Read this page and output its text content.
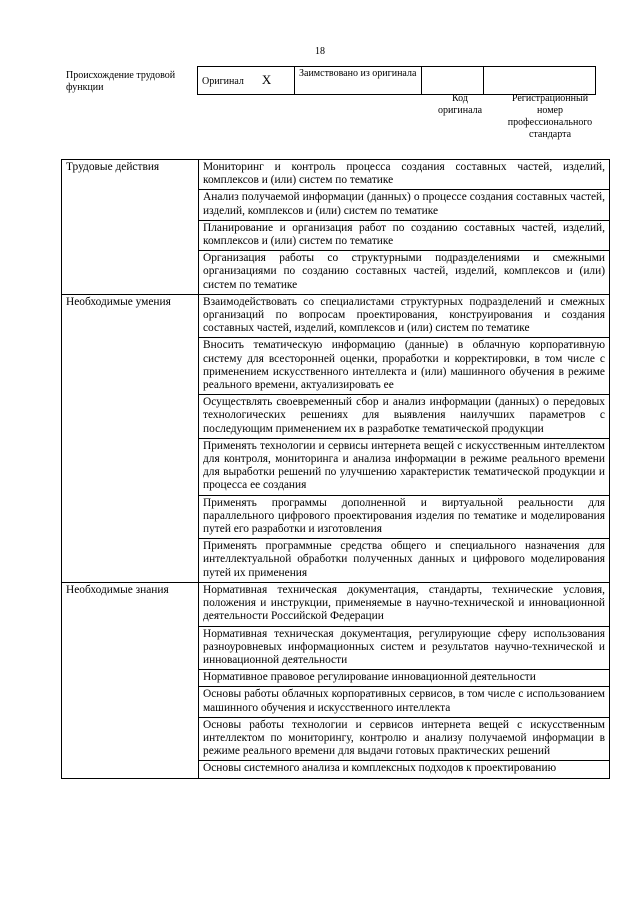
18
Происхождение трудовой функции
Оригинал X	Заимствовано из оригинала		
Код оригинала
Регистрационный номер профессионального стандарта
Трудовые действия	Мониторинг и контроль процесса создания составных частей, изделий, комплексов и (или) систем по тематике
	Анализ получаемой информации (данных) о процессе создания составных частей, изделий, комплексов и (или) систем по тематике
	Планирование и организация работ по созданию составных частей, изделий, комплексов и (или) систем по тематике
	Организация работы со структурными подразделениями и смежными организациями по созданию составных частей, изделий, комплексов и (или) систем по тематике
Необходимые умения	Взаимодействовать со специалистами структурных подразделений и смежных организаций по вопросам проектирования, конструирования и создания составных частей, изделий, комплексов и (или) систем по тематике
	Вносить тематическую информацию (данные) в облачную корпоративную систему для всесторонней оценки, проработки и корректировки, в том числе с применением искусственного интеллекта и (или) машинного обучения в режиме реального времени, актуализировать ее
	Осуществлять своевременный сбор и анализ информации (данных) о передовых технологических решениях для выявления наилучших параметров с последующим применением их в разработке тематической продукции
	Применять технологии и сервисы интернета вещей с искусственным интеллектом для контроля, мониторинга и анализа информации в режиме реального времени для выработки решений по улучшению характеристик тематической продукции и процесса ее создания
	Применять программы дополненной и виртуальной реальности для параллельного цифрового проектирования изделия по тематике и моделирования путей его разработки и изготовления
	Применять программные средства общего и специального назначения для интеллектуальной обработки полученных данных и цифрового моделирования путей их применения
Необходимые знания	Нормативная техническая документация, стандарты, технические условия, положения и инструкции, применяемые в научно-технической и инновационной деятельности Российской Федерации
	Нормативная техническая документация, регулирующие сферу использования разноуровневых информационных систем и результатов научно-технической и инновационной деятельности
	Нормативное правовое регулирование инновационной деятельности
	Основы работы облачных корпоративных сервисов, в том числе с использованием машинного обучения и искусственного интеллекта
	Основы работы технологии и сервисов интернета вещей с искусственным интеллектом по мониторингу, контролю и анализу получаемой информации в режиме реального времени для выдачи готовых практических решений
	Основы системного анализа и комплексных подходов к проектированию
